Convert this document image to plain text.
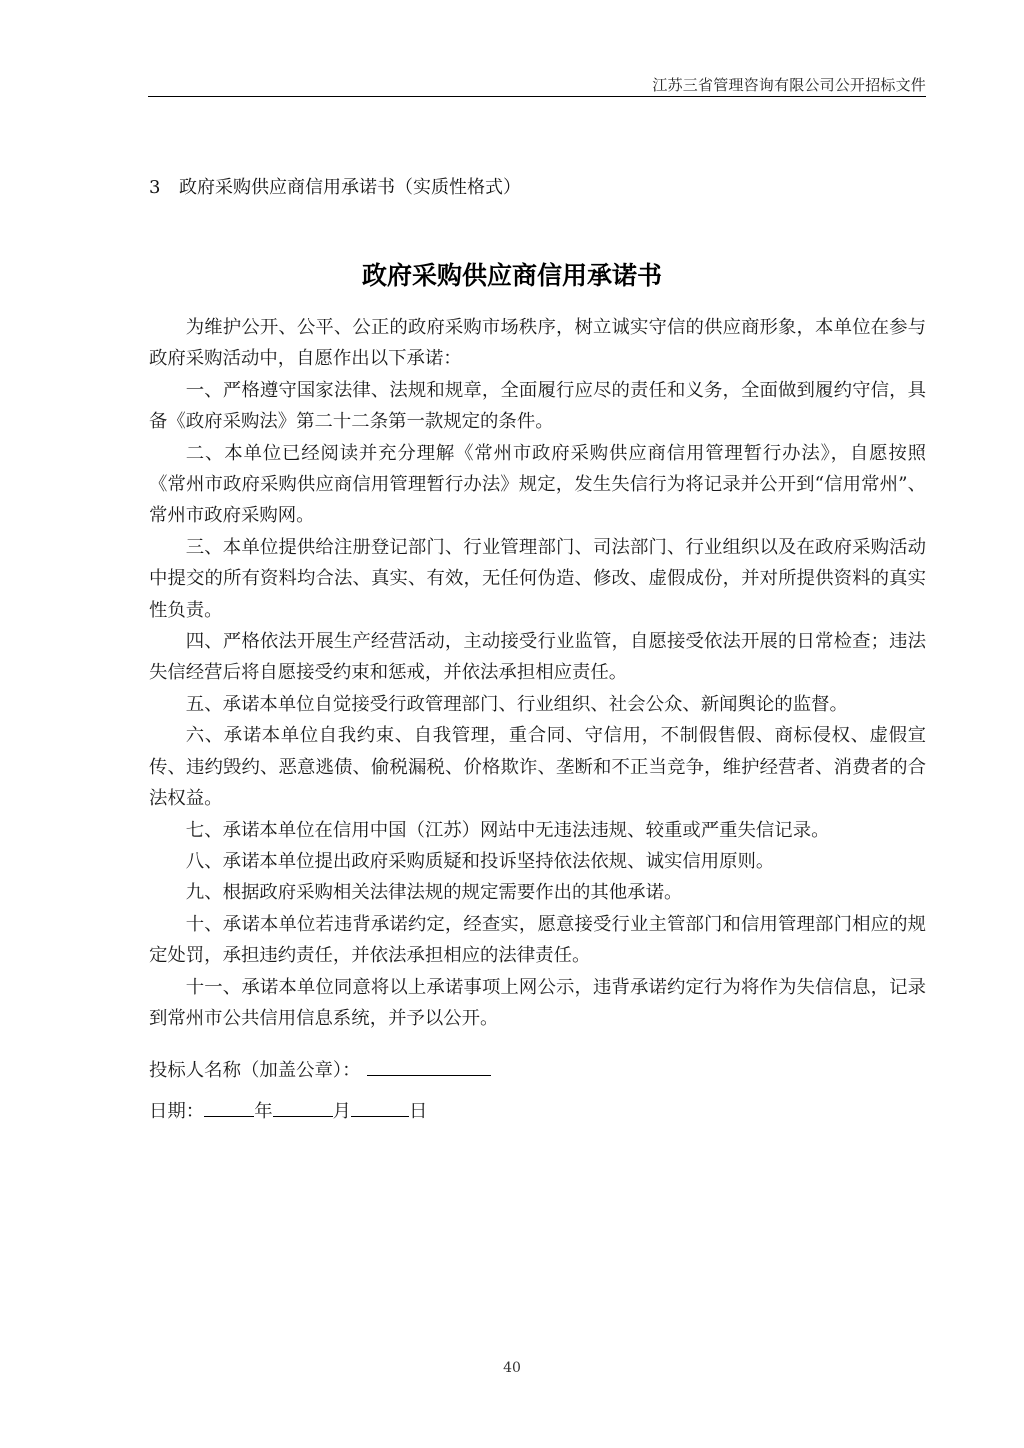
江苏三省管理咨询有限公司公开招标文件
3 政府采购供应商信用承诺书（实质性格式）
政府采购供应商信用承诺书

为维护公开、公平、公正的政府采购市场秩序，树立诚实守信的供应商形象，本单位在参与政府采购活动中，自愿作出以下承诺：

一、严格遵守国家法律、法规和规章，全面履行应尽的责任和义务，全面做到履约守信，具备《政府采购法》第二十二条第一款规定的条件。

二、本单位已经阅读并充分理解《常州市政府采购供应商信用管理暂行办法》，自愿按照《常州市政府采购供应商信用管理暂行办法》规定，发生失信行为将记录并公开到“信用常州”、常州市政府采购网。

三、本单位提供给注册登记部门、行业管理部门、司法部门、行业组织以及在政府采购活动中提交的所有资料均合法、真实、有效，无任何伪造、修改、虚假成份，并对所提供资料的真实性负责。

四、严格依法开展生产经营活动，主动接受行业监管，自愿接受依法开展的日常检查；违法失信经营后将自愿接受约束和惩戒，并依法承担相应责任。

五、承诺本单位自觉接受行政管理部门、行业组织、社会公众、新闻舆论的监督。

六、承诺本单位自我约束、自我管理，重合同、守信用，不制假售假、商标侵权、虚假宣传、违约毁约、恶意逃债、偷税漏税、价格欺诈、垄断和不正当竞争，维护经营者、消费者的合法权益。

七、承诺本单位在信用中国（江苏）网站中无违法违规、较重或严重失信记录。

八、承诺本单位提出政府采购质疑和投诉坚持依法依规、诚实信用原则。

九、根据政府采购相关法律法规的规定需要作出的其他承诺。

十、承诺本单位若违背承诺约定，经查实，愿意接受行业主管部门和信用管理部门相应的规定处罚，承担违约责任，并依法承担相应的法律责任。

十一、承诺本单位同意将以上承诺事项上网公示，违背承诺约定行为将作为失信信息，记录到常州市公共信用信息系统，并予以公开。

投标人名称（加盖公章）：
日期：	年	月	日
40
